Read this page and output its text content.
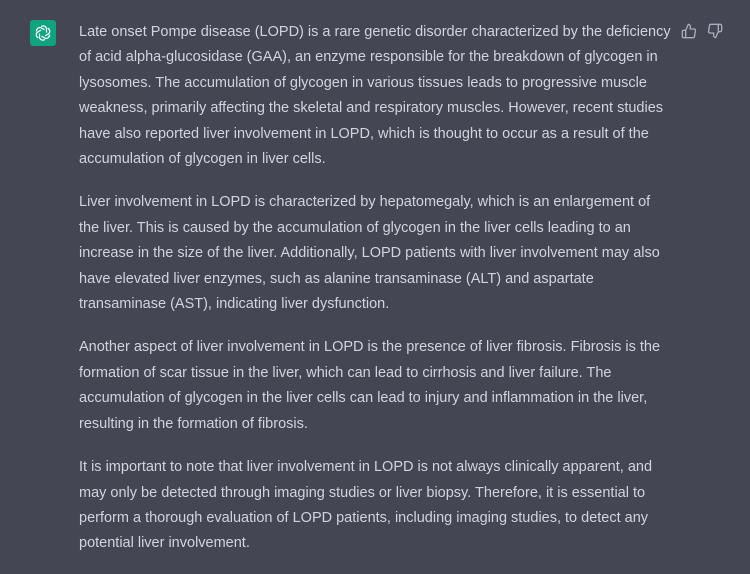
Late onset Pompe disease (LOPD) is a rare genetic disorder characterized by the deficiency of acid alpha-glucosidase (GAA), an enzyme responsible for the breakdown of glycogen in lysosomes. The accumulation of glycogen in various tissues leads to progressive muscle weakness, primarily affecting the skeletal and respiratory muscles. However, recent studies have also reported liver involvement in LOPD, which is thought to occur as a result of the accumulation of glycogen in liver cells.

Liver involvement in LOPD is characterized by hepatomegaly, which is an enlargement of the liver. This is caused by the accumulation of glycogen in the liver cells leading to an increase in the size of the liver. Additionally, LOPD patients with liver involvement may also have elevated liver enzymes, such as alanine transaminase (ALT) and aspartate transaminase (AST), indicating liver dysfunction.

Another aspect of liver involvement in LOPD is the presence of liver fibrosis. Fibrosis is the formation of scar tissue in the liver, which can lead to cirrhosis and liver failure. The accumulation of glycogen in the liver cells can lead to injury and inflammation in the liver, resulting in the formation of fibrosis.

It is important to note that liver involvement in LOPD is not always clinically apparent, and may only be detected through imaging studies or liver biopsy. Therefore, it is essential to perform a thorough evaluation of LOPD patients, including imaging studies, to detect any potential liver involvement.
